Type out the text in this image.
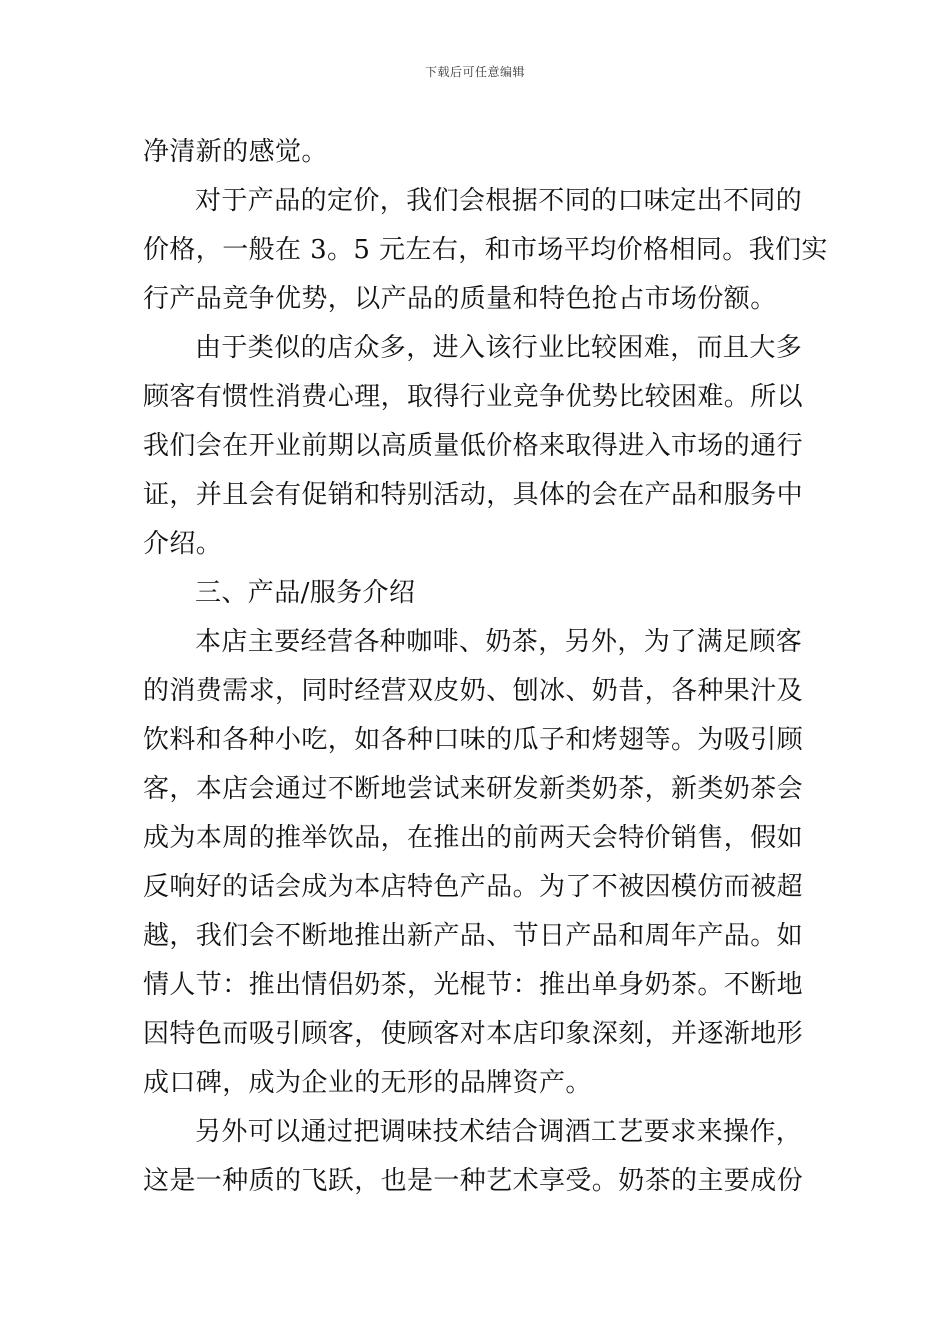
下载后可任意编辑
净清新的感觉。
对于产品的定价，我们会根据不同的口味定出不同的
价格，一般在 3。5 元左右，和市场平均价格相同。我们实
行产品竞争优势，以产品的质量和特色抢占市场份额。
由于类似的店众多，进入该行业比较困难，而且大多
顾客有惯性消费心理，取得行业竞争优势比较困难。所以
我们会在开业前期以高质量低价格来取得进入市场的通行
证，并且会有促销和特别活动，具体的会在产品和服务中
介绍。
三、产品/服务介绍
本店主要经营各种咖啡、奶茶，另外，为了满足顾客
的消费需求，同时经营双皮奶、刨冰、奶昔，各种果汁及
饮料和各种小吃，如各种口味的瓜子和烤翅等。为吸引顾
客，本店会通过不断地尝试来研发新类奶茶，新类奶茶会
成为本周的推举饮品，在推出的前两天会特价销售，假如
反响好的话会成为本店特色产品。为了不被因模仿而被超
越，我们会不断地推出新产品、节日产品和周年产品。如
情人节：推出情侣奶茶，光棍节：推出单身奶茶。不断地
因特色而吸引顾客，使顾客对本店印象深刻，并逐渐地形
成口碑，成为企业的无形的品牌资产。
另外可以通过把调味技术结合调酒工艺要求来操作，
这是一种质的飞跃，也是一种艺术享受。奶茶的主要成份
